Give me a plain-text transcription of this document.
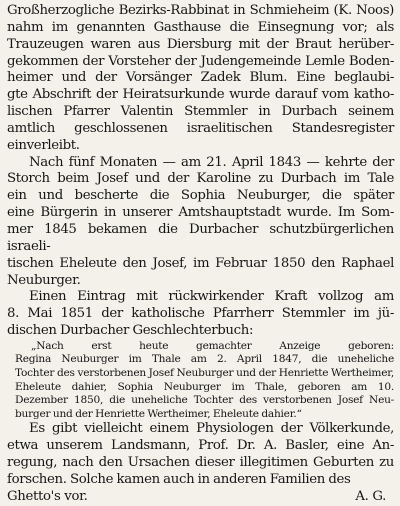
Großherzogliche Bezirks-Rabbinat in Schmieheim (K. Noos)

nahm im genannten Gasthause die Einsegnung vor; als

Trauzeugen waren aus Diersburg mit der Braut herüber-

gekommen der Vorsteher der Judengemeinde Lemle Boden-

heimer und der Vorsänger Zadek Blum. Eine beglaubi-

gte Abschrift der Heiratsurkunde wurde darauf vom katho-

lischen Pfarrer Valentin Stemmler in Durbach seinem

amtlich geschlossenen israelitischen Standesregister einverleibt.

Nach fünf Monaten — am 21. April 1843 — kehrte der

Storch beim Josef und der Karoline zu Durbach im Tale

ein und bescherte die Sophia Neuburger, die später

eine Bürgerin in unserer Amtshauptstadt wurde. Im Som-

mer 1845 bekamen die Durbacher schutzbürgerlichen israeli-

tischen Eheleute den Josef, im Februar 1850 den Raphael

Neuburger.

Einen Eintrag mit rückwirkender Kraft vollzog am

8. Mai 1851 der katholische Pfarrherr Stemmler im jü-

dischen Durbacher Geschlechterbuch:

„Nach erst heute gemachter Anzeige geboren:

Regina Neuburger im Thale am 2. April 1847, die uneheliche

Tochter des verstorbenen Josef Neuburger und der Henriette Wertheimer,

Eheleute dahier, Sophia Neuburger im Thale, geboren am 10.

Dezember 1850, die uneheliche Tochter des verstorbenen Josef Neu-

burger und der Henriette Wertheimer, Eheleute dahier.“

Es gibt vielleicht einem Physiologen der Völkerkunde,

etwa unserem Landsmann, Prof. Dr. A. Basler, eine An-

regung, nach den Ursachen dieser illegitimen Geburten zu

forschen. Solche kamen auch in anderen Familien des

Ghetto's vor.	A. G.
